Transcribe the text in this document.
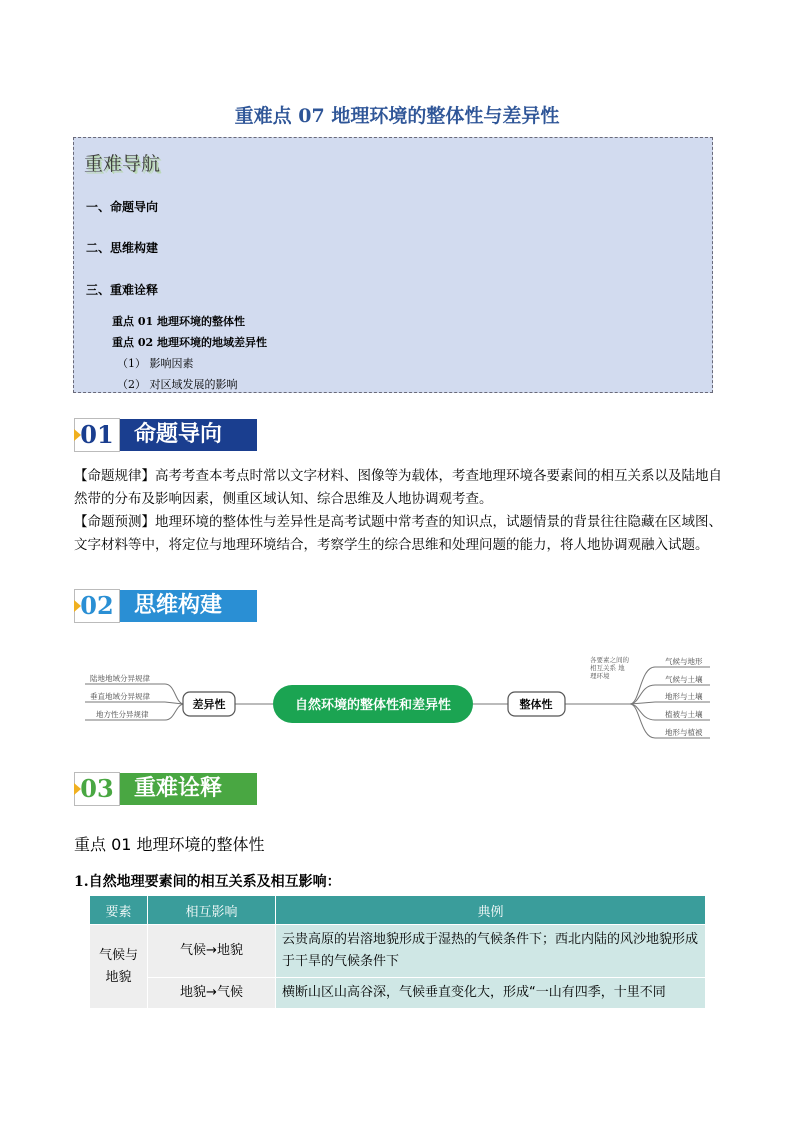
重难点 07 地理环境的整体性与差异性
重难导航
一、命题导向
二、思维构建
三、重难诠释
重点 01 地理环境的整体性
重点 02 地理环境的地域差异性
（1） 影响因素
（2） 对区域发展的影响
01 命题导向
【命题规律】高考考查本考点时常以文字材料、图像等为载体，考查地理环境各要素间的相互关系以及陆地自然带的分布及影响因素，侧重区域认知、综合思维及人地协调观考查。
【命题预测】地理环境的整体性与差异性是高考试题中常考查的知识点，试题情景的背景往往隐藏在区域图、文字材料等中，将定位与地理环境结合，考察学生的综合思维和处理问题的能力，将人地协调观融入试题。
02 思维构建
陆地地域分异规律
垂直地域分异规律
地方性分异规律
差异性	自然环境的整体性和差异性	整体性
各要素之间的相互关系 地理环境
气候与地形
气候与土壤
地形与土壤
植被与土壤
地形与植被
03 重难诠释
重点 01 地理环境的整体性
1.自然地理要素间的相互关系及相互影响：
要素	相互影响	典例
气候与地貌	气候→地貌	云贵高原的岩溶地貌形成于湿热的气候条件下；西北内陆的风沙地貌形成于干旱的气候条件下
	地貌→气候	横断山区山高谷深，气候垂直变化大，形成“一山有四季，十里不同
